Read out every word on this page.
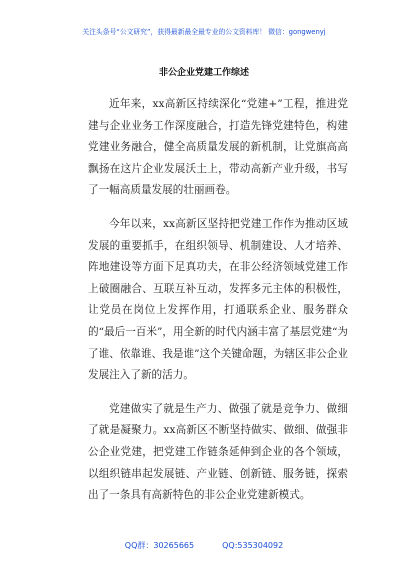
关注头条号“公文研究”，获得最新最全最专业的公文资料库！ 微信：gongwenyj
非公企业党建工作综述

近年来，xx高新区持续深化“党建+”工程，推进党建与企业业务工作深度融合，打造先锋党建特色，构建党建业务融合，健全高质量发展的新机制，让党旗高高飘扬在这片企业发展沃土上，带动高新产业升级，书写了一幅高质量发展的壮丽画卷。

今年以来，xx高新区坚持把党建工作作为推动区域发展的重要抓手，在组织领导、机制建设、人才培养、阵地建设等方面下足真功夫，在非公经济领域党建工作上破圈融合、互联互补互动，发挥多元主体的积极性，让党员在岗位上发挥作用，打通联系企业、服务群众的“最后一百米”，用全新的时代内涵丰富了基层党建“为了谁、依靠谁、我是谁”这个关键命题，为辖区非公企业发展注入了新的活力。

党建做实了就是生产力、做强了就是竞争力、做细了就是凝聚力。xx高新区不断坚持做实、做细、做强非公企业党建，把党建工作链条延伸到企业的各个领域，以组织链串起发展链、产业链、创新链、服务链，探索出了一条具有高新特色的非公企业党建新模式。

QQ群：30265665	QQ:535304092
